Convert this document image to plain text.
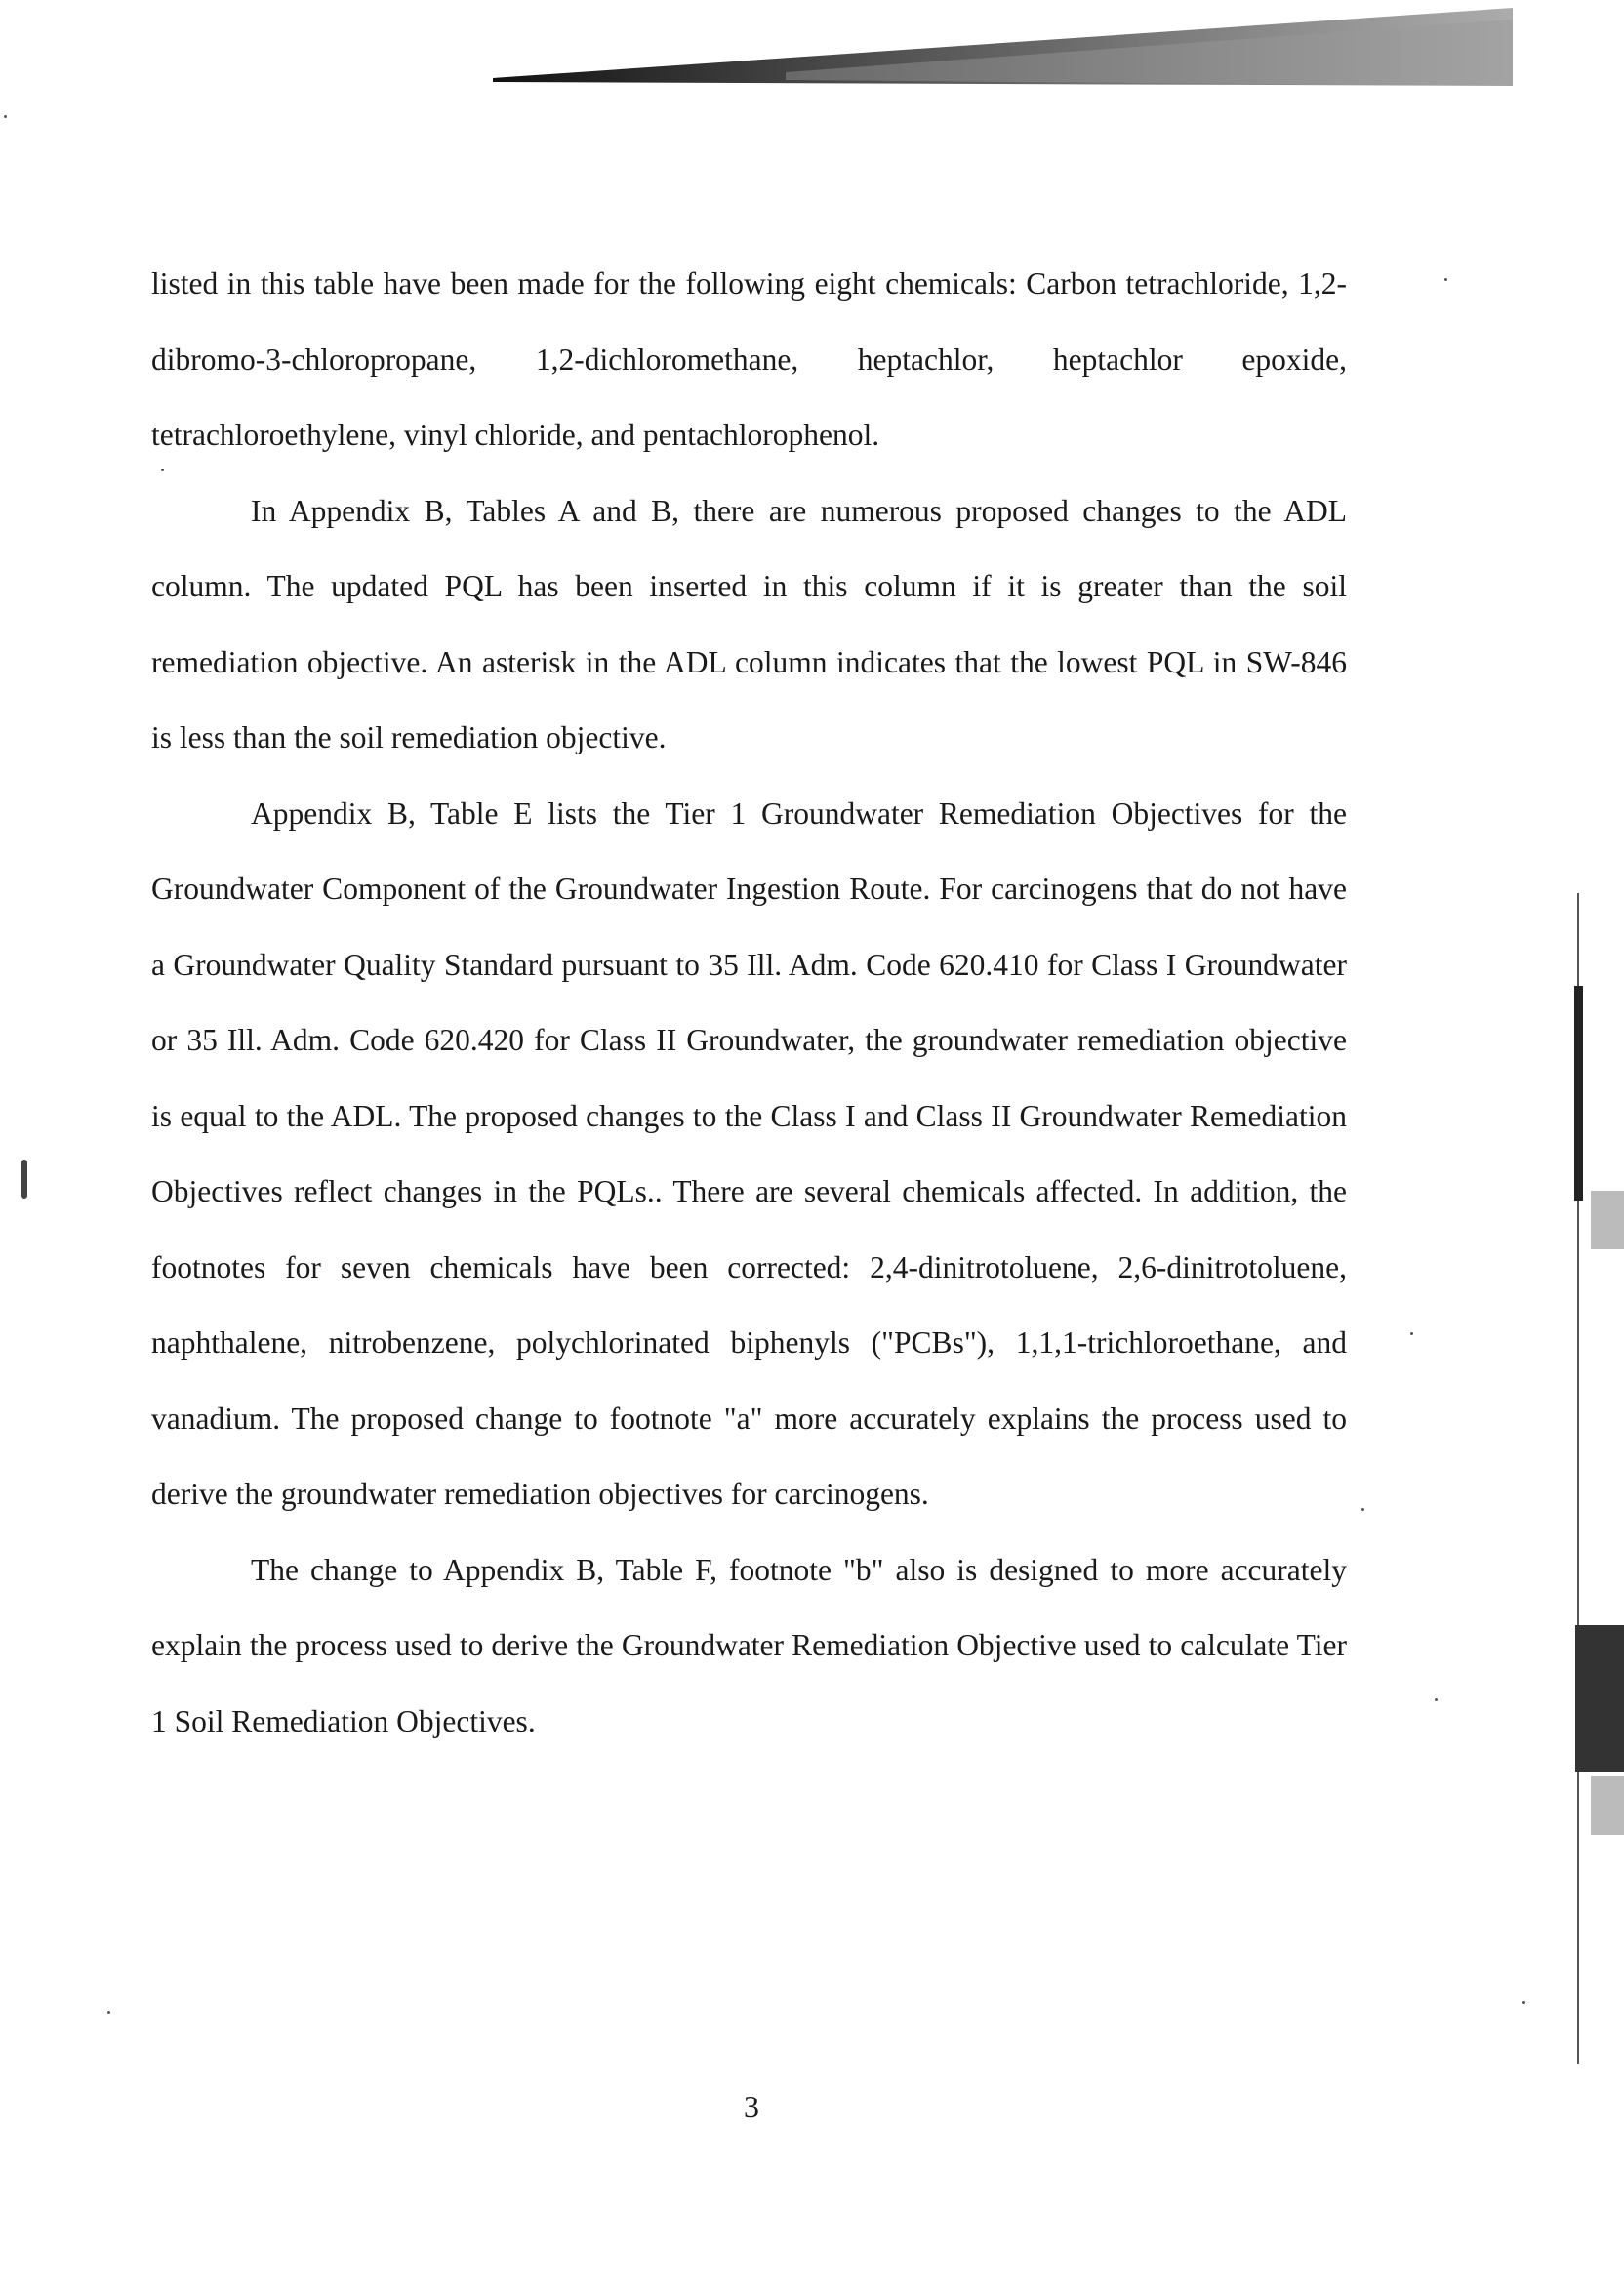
listed in this table have been made for the following eight chemicals: Carbon tetrachloride, 1,2-dibromo-3-chloropropane, 1,2-dichloromethane, heptachlor, heptachlor epoxide, tetrachloroethylene, vinyl chloride, and pentachlorophenol.

In Appendix B, Tables A and B, there are numerous proposed changes to the ADL column. The updated PQL has been inserted in this column if it is greater than the soil remediation objective. An asterisk in the ADL column indicates that the lowest PQL in SW-846 is less than the soil remediation objective.

Appendix B, Table E lists the Tier 1 Groundwater Remediation Objectives for the Groundwater Component of the Groundwater Ingestion Route. For carcinogens that do not have a Groundwater Quality Standard pursuant to 35 Ill. Adm. Code 620.410 for Class I Groundwater or 35 Ill. Adm. Code 620.420 for Class II Groundwater, the groundwater remediation objective is equal to the ADL. The proposed changes to the Class I and Class II Groundwater Remediation Objectives reflect changes in the PQLs.. There are several chemicals affected. In addition, the footnotes for seven chemicals have been corrected: 2,4-dinitrotoluene, 2,6-dinitrotoluene, naphthalene, nitrobenzene, polychlorinated biphenyls ("PCBs"), 1,1,1-trichloroethane, and vanadium. The proposed change to footnote "a" more accurately explains the process used to derive the groundwater remediation objectives for carcinogens.

The change to Appendix B, Table F, footnote "b" also is designed to more accurately explain the process used to derive the Groundwater Remediation Objective used to calculate Tier 1 Soil Remediation Objectives.

3
